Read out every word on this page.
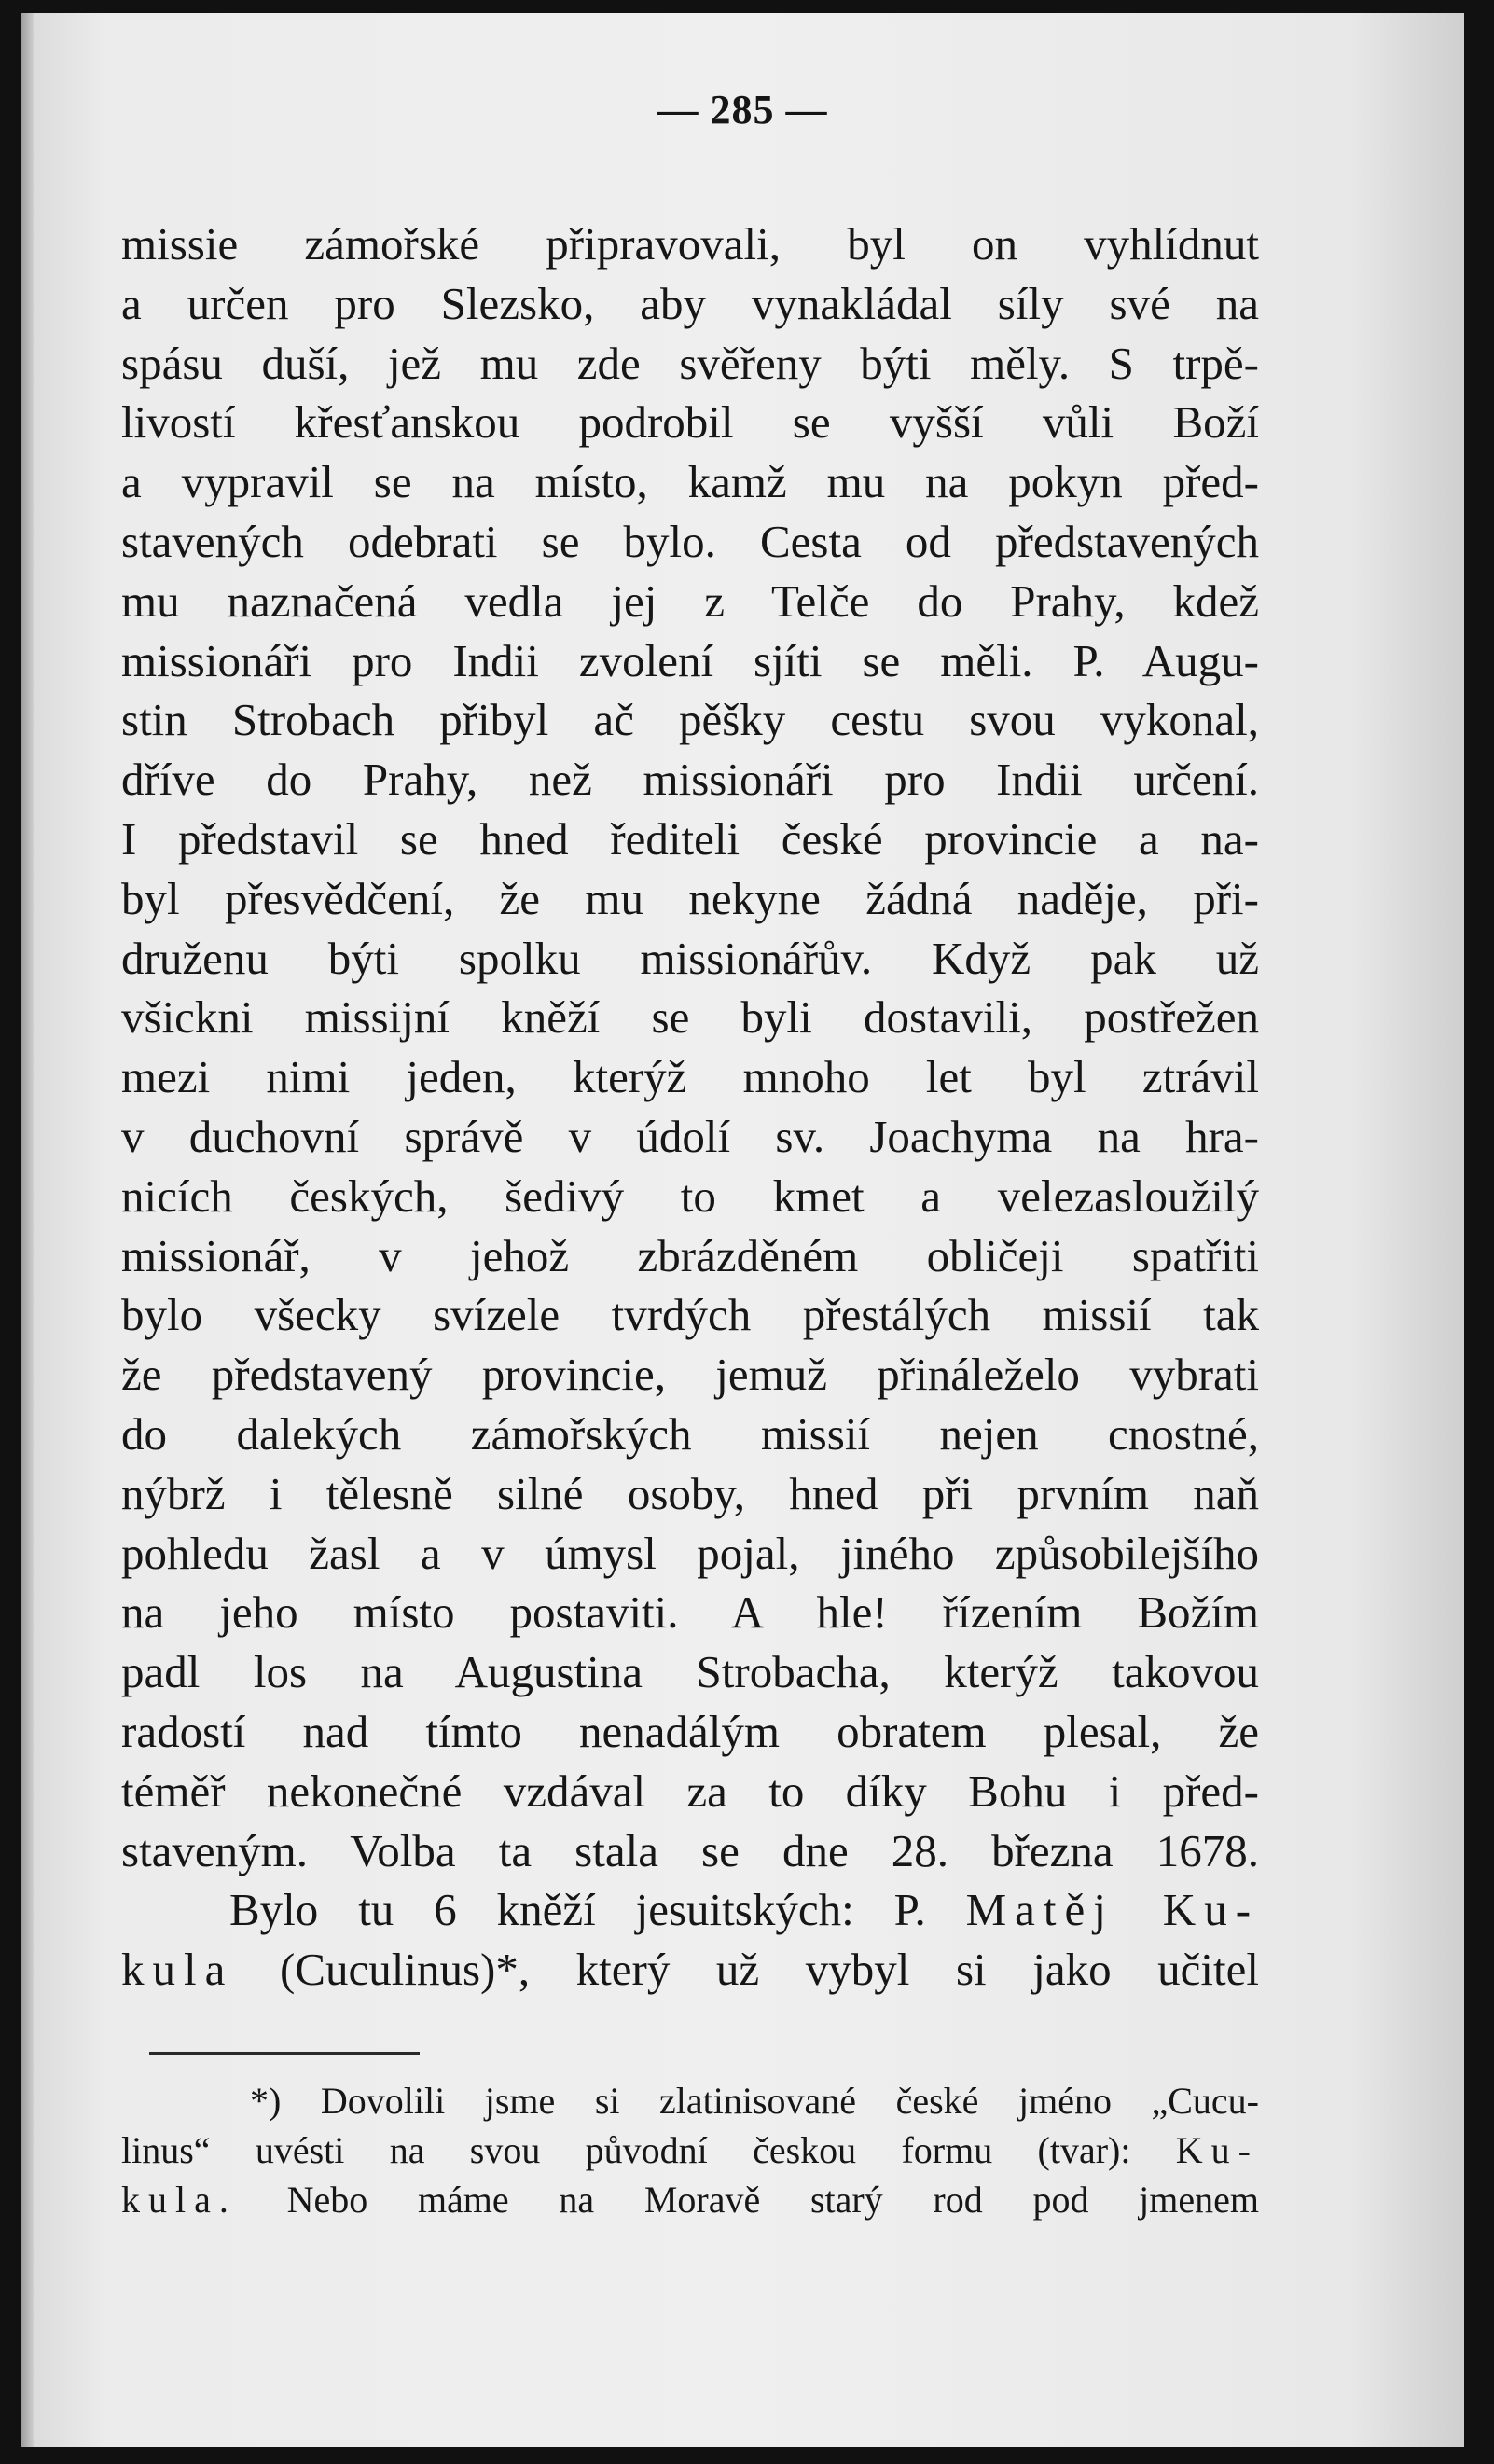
— 285 —
missie zámořské připravovali, byl on vyhlídnut
a určen pro Slezsko, aby vynakládal síly své na
spásu duší, jež mu zde svěřeny býti měly. S trpě-
livostí křesťanskou podrobil se vyšší vůli Boží
a vypravil se na místo, kamž mu na pokyn před-
stavených odebrati se bylo. Cesta od představených
mu naznačená vedla jej z Telče do Prahy, kdež
missionáři pro Indii zvolení sjíti se měli. P. Augu-
stin Strobach přibyl ač pěšky cestu svou vykonal,
dříve do Prahy, než missionáři pro Indii určení.
I představil se hned řediteli české provincie a na-
byl přesvědčení, že mu nekyne žádná naděje, při-
druženu býti spolku missionářův. Když pak už
všickni missijní kněží se byli dostavili, postřežen
mezi nimi jeden, kterýž mnoho let byl ztrávil
v duchovní správě v údolí sv. Joachyma na hra-
nicích českých, šedivý to kmet a velezasloužilý
missionář, v jehož zbrázděném obličeji spatřiti
bylo všecky svízele tvrdých přestálých missií tak
že představený provincie, jemuž přináleželo vybrati
do dalekých zámořských missií nejen cnostné,
nýbrž i tělesně silné osoby, hned při prvním naň
pohledu žasl a v úmysl pojal, jiného způsobilejšího
na jeho místo postaviti. A hle! řízením Božím
padl los na Augustina Strobacha, kterýž takovou
radostí nad tímto nenadálým obratem plesal, že
téměř nekonečné vzdával za to díky Bohu i před-
staveným. Volba ta stala se dne 28. března 1678.
Bylo tu 6 kněží jesuitských: P. Matěj Ku-
kula (Cuculinus)*, který už vybyl si jako učitel
*) Dovolili jsme si zlatinisované české jméno „Cucu-
linus“ uvésti na svou původní českou formu (tvar): Ku-
kula. Nebo máme na Moravě starý rod pod jmenem
